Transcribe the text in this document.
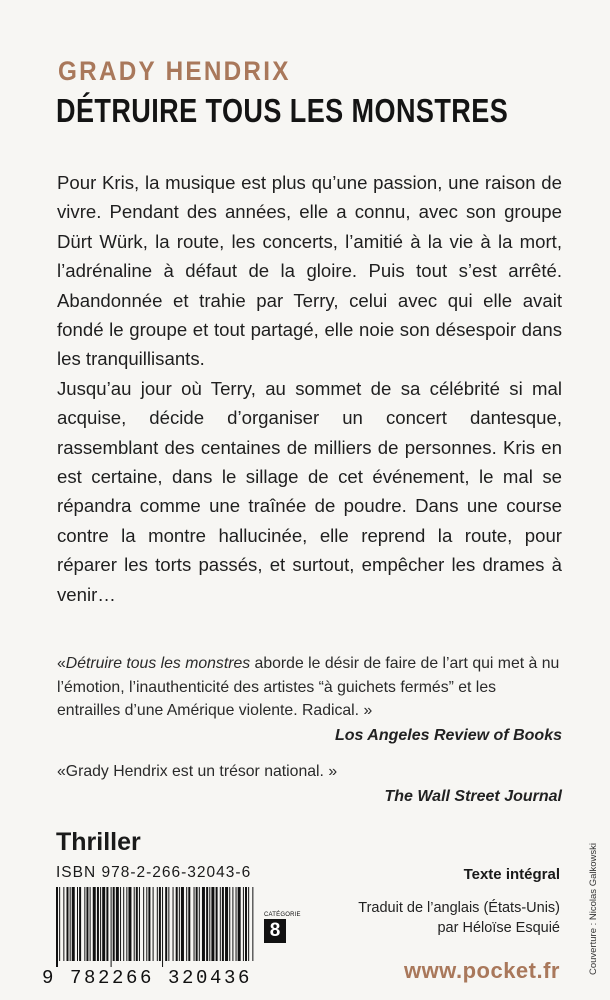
GRADY HENDRIX
DÉTRUIRE TOUS LES MONSTRES

Pour Kris, la musique est plus qu’une passion, une raison de vivre. Pendant des années, elle a connu, avec son groupe Dürt Würk, la route, les concerts, l’amitié à la vie à la mort, l’adrénaline à défaut de la gloire. Puis tout s’est arrêté. Abandonnée et trahie par Terry, celui avec qui elle avait fondé le groupe et tout partagé, elle noie son désespoir dans les tranquillisants.

Jusqu’au jour où Terry, au sommet de sa célébrité si mal acquise, décide d’organiser un concert dantesque, rassemblant des centaines de milliers de personnes. Kris en est certaine, dans le sillage de cet événement, le mal se répandra comme une traînée de poudre. Dans une course contre la montre hallucinée, elle reprend la route, pour réparer les torts passés, et surtout, empêcher les drames à venir…

«Détruire tous les monstres aborde le désir de faire de l’art qui met à nu l’émotion, l’inauthenticité des artistes “à guichets fermés” et les entrailles d’une Amérique violente. Radical. »

Los Angeles Review of Books

«Grady Hendrix est un trésor national. »

The Wall Street Journal

Thriller
ISBN 978-2-266-32043-6
9 782266 320436
CATÉGORIE
8
Texte intégral
Traduit de l’anglais (États-Unis)
par Héloïse Esquié
www.pocket.fr	Couverture : Nicolas Galkowski
